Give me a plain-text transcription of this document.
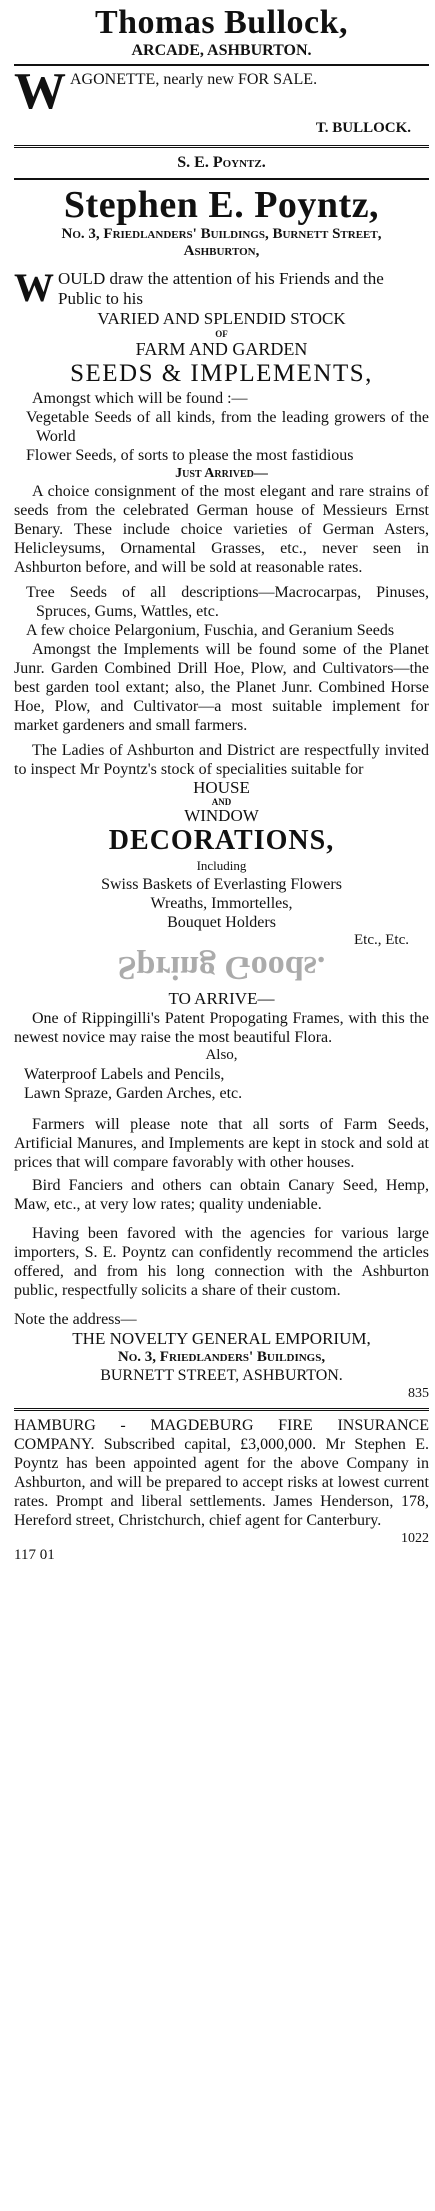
Thomas Bullock,
ARCADE, ASHBURTON.
W AGONETTE, nearly new FOR SALE.
T. BULLOCK.
S. E. Poyntz.
Stephen E. Poyntz,
No. 3, Friedlanders' Buildings, Burnett Street, Ashburton,
W OULD draw the attention of his Friends and the Public to his
VARIED AND SPLENDID STOCK
OF
FARM AND GARDEN
SEEDS & IMPLEMENTS,

Amongst which will be found :—

Vegetable Seeds of all kinds, from the leading growers of the World

Flower Seeds, of sorts to please the most fastidious

Just Arrived—

A choice consignment of the most elegant and rare strains of seeds from the celebrated German house of Messieurs Ernst Benary. These include choice varieties of German Asters, Helicleysums, Ornamental Grasses, etc., never seen in Ashburton before, and will be sold at reasonable rates.

Tree Seeds of all descriptions—Macrocarpas, Pinuses, Spruces, Gums, Wattles, etc.

A few choice Pelargonium, Fuschia, and Geranium Seeds

Amongst the Implements will be found some of the Planet Junr. Garden Combined Drill Hoe, Plow, and Cultivators—the best garden tool extant; also, the Planet Junr. Combined Horse Hoe, Plow, and Cultivator—a most suitable implement for market gardeners and small farmers.

The Ladies of Ashburton and District are respectfully invited to inspect Mr Poyntz's stock of specialities suitable for

HOUSE
AND
WINDOW
DECORATIONS,
Including
Swiss Baskets of Everlasting Flowers
Wreaths, Immortelles,
Bouquet Holders
Etc., Etc.
Spring Goods.
TO ARRIVE—

One of Rippingilli's Patent Propogating Frames, with this the newest novice may raise the most beautiful Flora.

Also,
Waterproof Labels and Pencils,
Lawn Spraze, Garden Arches, etc.

Farmers will please note that all sorts of Farm Seeds, Artificial Manures, and Implements are kept in stock and sold at prices that will compare favorably with other houses.

Bird Fanciers and others can obtain Canary Seed, Hemp, Maw, etc., at very low rates; quality undeniable.

Having been favored with the agencies for various large importers, S. E. Poyntz can confidently recommend the articles offered, and from his long connection with the Ashburton public, respectfully solicits a share of their custom.

Note the address—

THE NOVELTY GENERAL EMPORIUM,
No. 3, Friedlanders' Buildings,
BURNETT STREET, ASHBURTON.
835

HAMBURG - MAGDEBURG FIRE INSURANCE COMPANY. Subscribed capital, £3,000,000. Mr Stephen E. Poyntz has been appointed agent for the above Company in Ashburton, and will be prepared to accept risks at lowest current rates. Prompt and liberal settlements. James Henderson, 178, Hereford street, Christchurch, chief agent for Canterbury.

1022
117 01
